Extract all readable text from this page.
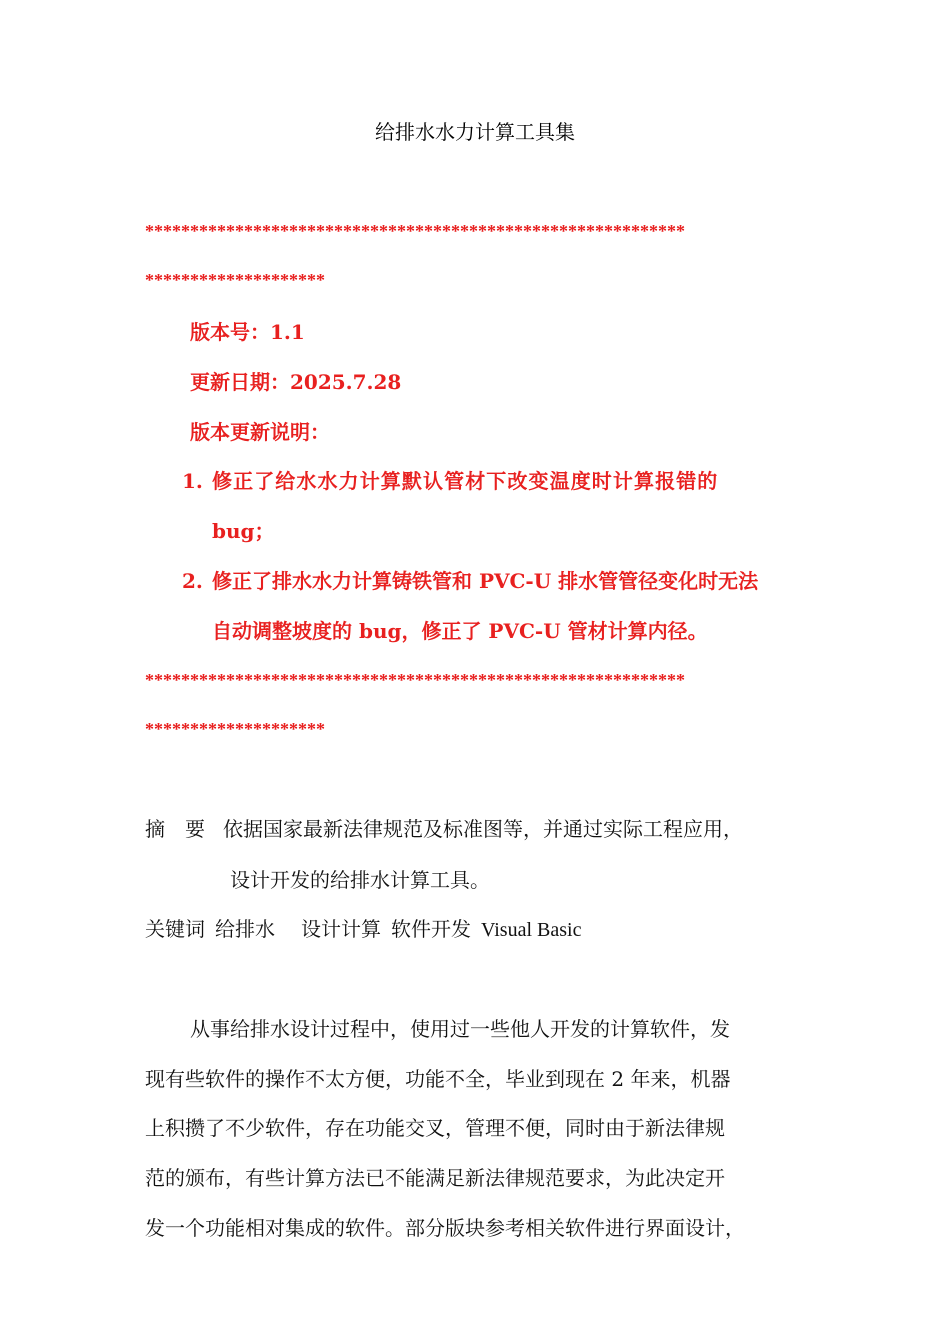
给排水水力计算工具集
************************************************************
********************
版本号：1.1
更新日期：2025.7.28
版本更新说明：
1. 修正了给水水力计算默认管材下改变温度时计算报错的
bug；
2. 修正了排水水力计算铸铁管和 PVC-U 排水管管径变化时无法
自动调整坡度的 bug，修正了 PVC-U 管材计算内径。
************************************************************
********************
摘　要 依据国家最新法律规范及标准图等，并通过实际工程应用，
设计开发的给排水计算工具。
关键词 给排水 设计计算 软件开发 Visual Basic
从事给排水设计过程中，使用过一些他人开发的计算软件，发
现有些软件的操作不太方便，功能不全，毕业到现在 2 年来，机器
上积攒了不少软件，存在功能交叉，管理不便，同时由于新法律规
范的颁布，有些计算方法已不能满足新法律规范要求，为此决定开
发一个功能相对集成的软件。部分版块参考相关软件进行界面设计，
